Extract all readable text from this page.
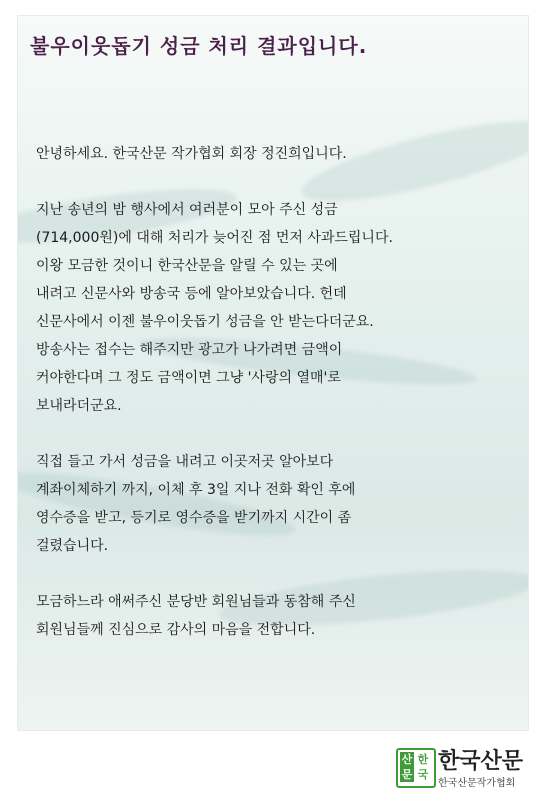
불우이웃돕기 성금 처리 결과입니다.

안녕하세요. 한국산문 작가협회 회장 정진희입니다.

지난 송년의 밤 행사에서 여러분이 모아 주신 성금
(714,000원)에 대해 처리가 늦어진 점 먼저 사과드립니다.
이왕 모금한 것이니 한국산문을 알릴 수 있는 곳에
내려고 신문사와 방송국 등에 알아보았습니다. 헌데
신문사에서 이젠 불우이웃돕기 성금을 안 받는다더군요.
방송사는 접수는 해주지만 광고가 나가려면 금액이
커야한다며 그 정도 금액이면 그냥 '사랑의 열매'로
보내라더군요.

직접 들고 가서 성금을 내려고 이곳저곳 알아보다
계좌이체하기 까지, 이체 후 3일 지나 전화 확인 후에
영수증을 받고, 등기로 영수증을 받기까지 시간이 좀
걸렸습니다.

모금하느라 애써주신 분당반 회원님들과 동참해 주신
회원님들께 진심으로 감사의 마음을 전합니다.

산문
한국
한국산문
한국산문작가협회
